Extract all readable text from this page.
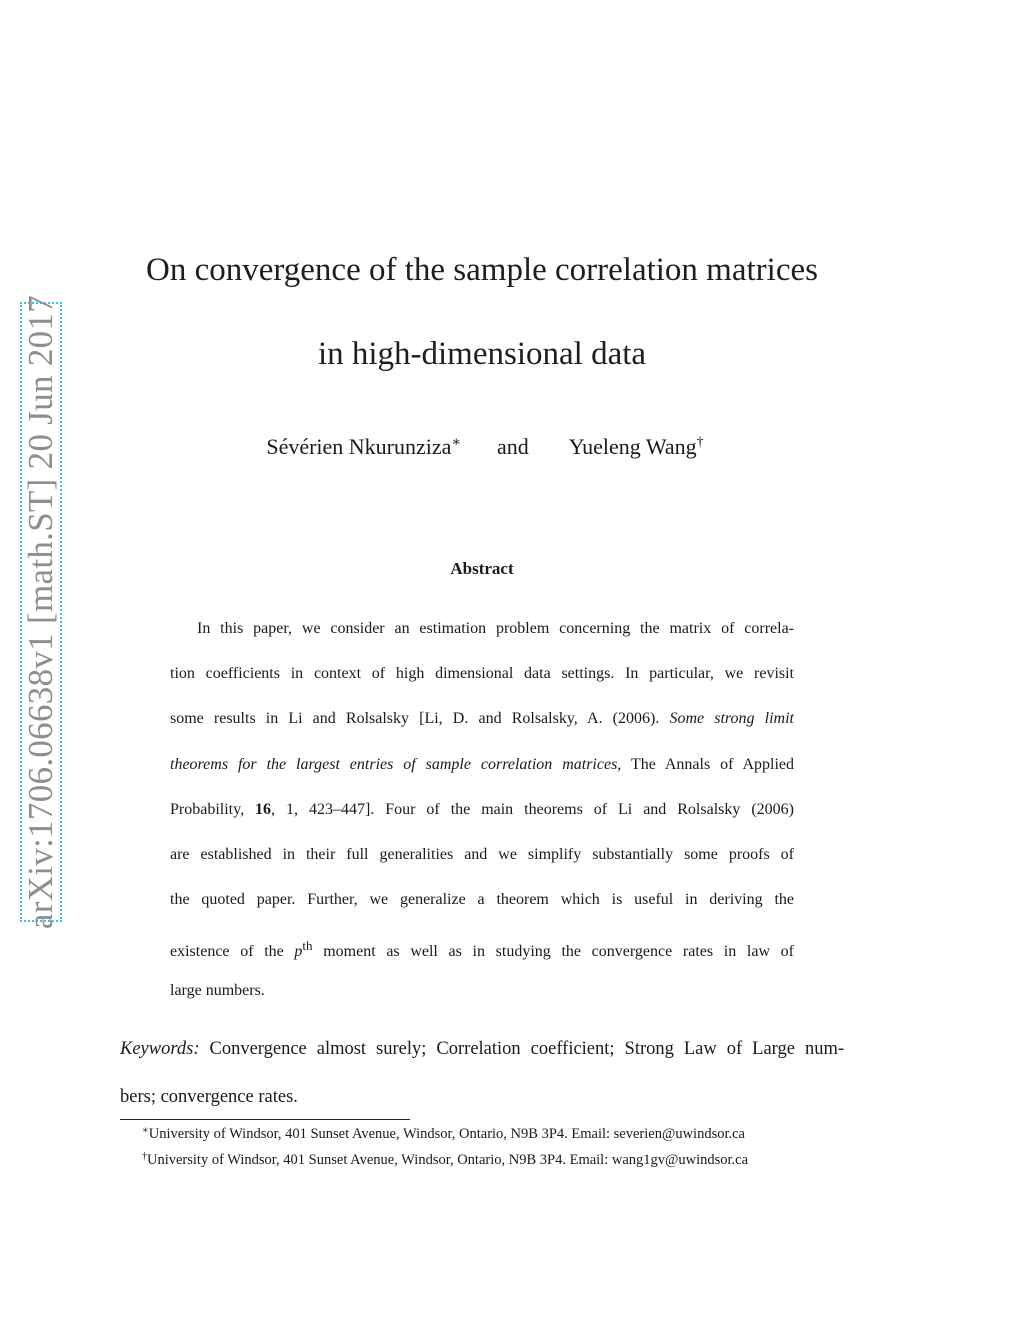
arXiv:1706.06638v1 [math.ST] 20 Jun 2017
On convergence of the sample correlation matrices
in high-dimensional data
Sévérien Nkurunziza∗ and Yueleng Wang†
Abstract
In this paper, we consider an estimation problem concerning the matrix of correla-
tion coefficients in context of high dimensional data settings. In particular, we revisit
some results in Li and Rolsalsky [Li, D. and Rolsalsky, A. (2006). Some strong limit
theorems for the largest entries of sample correlation matrices, The Annals of Applied
Probability, 16, 1, 423–447]. Four of the main theorems of Li and Rolsalsky (2006)
are established in their full generalities and we simplify substantially some proofs of
the quoted paper. Further, we generalize a theorem which is useful in deriving the
existence of the $p^{th}$ moment as well as in studying the convergence rates in law of
large numbers.
Keywords: Convergence almost surely; Correlation coefficient; Strong Law of Large num-
bers; convergence rates.
∗University of Windsor, 401 Sunset Avenue, Windsor, Ontario, N9B 3P4. Email: severien@uwindsor.ca
†University of Windsor, 401 Sunset Avenue, Windsor, Ontario, N9B 3P4. Email: wang1gv@uwindsor.ca
